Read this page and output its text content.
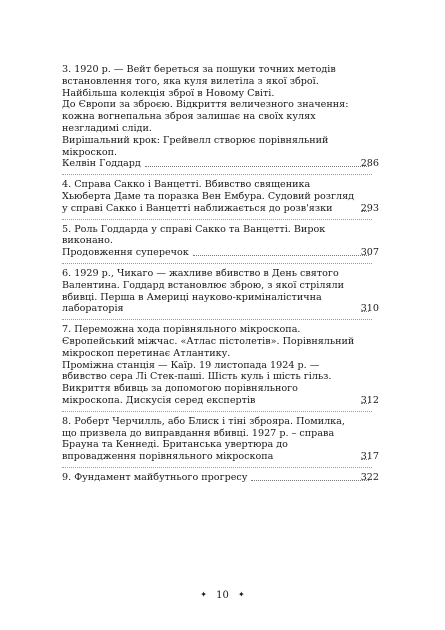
3. 1920 р. — Вейт береться за пошуки точних методів встановлення того, яка куля вилетіла з якої зброї. Найбільша колекція зброї в Новому Світі.

До Європи за зброєю. Відкриття величезного значення: кожна вогнепальна зброя залишає на своїх кулях незгладимі сліди.

Вирішальний крок: Грейвелл створює порівняльний мікроскоп.

Келвін Годдард	286
4. Справа Сакко і Ванцетті. Вбивство священика Хьюберта Даме та поразка Вен Ембура. Судовий розгляд у справі Сакко і Ванцетті наближається до розв'язки	293

5. Роль Годдарда у справі Сакко та Ванцетті. Вирок виконано.

Продовження суперечок	307
6. 1929 р., Чикаго — жахливе вбивство в День святого Валентина. Годдард встановлює зброю, з якої стріляли вбивці. Перша в Америці науково-криміналістична лабораторія	310

7. Переможна хода порівняльного мікроскопа. Європейський міжчас. «Атлас пістолетів». Порівняльний мікроскоп перетинає Атлантику.

Проміжна станція — Каїр. 19 листопада 1924 р. — вбивство сера Лі Стек-паші. Шість куль і шість гільз. Викриття вбивць за допомогою порівняльного мікроскопа. Дискусія серед експертів	312
8. Роберт Черчилль, або Блиск і тіні зброяра. Помилка, що призвела до виправдання вбивці. 1927 р. – справа Брауна та Кеннеді. Британська увертюра до впровадження порівняльного мікроскопа	317
9. Фундамент майбутнього прогресу	322
✦ 10 ✦
